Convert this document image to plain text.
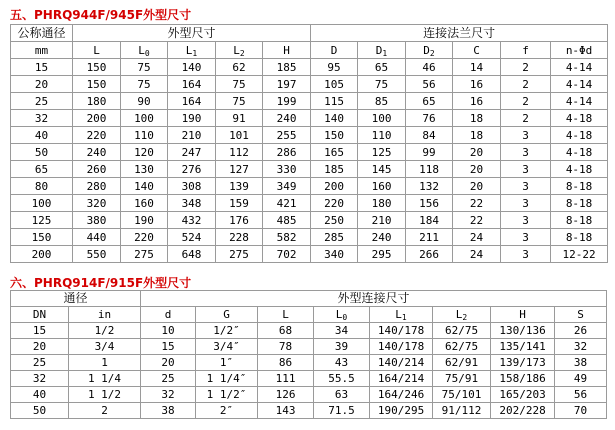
五、PHRQ944F/945F外型尺寸
公称通径	外型尺寸					连接法兰尺寸					
mm	L	$L_0$	$L_1$	$L_2$	H	D	$D_1$	$D_2$	C	f	n-Φd
15	150	75	140	62	185	95	65	46	14	2	4-14
20	150	75	164	75	197	105	75	56	16	2	4-14
25	180	90	164	75	199	115	85	65	16	2	4-14
32	200	100	190	91	240	140	100	76	18	2	4-18
40	220	110	210	101	255	150	110	84	18	3	4-18
50	240	120	247	112	286	165	125	99	20	3	4-18
65	260	130	276	127	330	185	145	118	20	3	4-18
80	280	140	308	139	349	200	160	132	20	3	8-18
100	320	160	348	159	421	220	180	156	22	3	8-18
125	380	190	432	176	485	250	210	184	22	3	8-18
150	440	220	524	228	582	285	240	211	24	3	8-18
200	550	275	648	275	702	340	295	266	24	3	12-22
六、PHRQ914F/915F外型尺寸
通径		外型连接尺寸							
DN	in	d	G	L	$L_0$	$L_1$	$L_2$	H	S
15	1/2	10	1/2″	68	34	140/178	62/75	130/136	26
20	3/4	15	3/4″	78	39	140/178	62/75	135/141	32
25	1	20	1″	86	43	140/214	62/91	139/173	38
32	1 1/4	25	1 1/4″	111	55.5	164/214	75/91	158/186	49
40	1 1/2	32	1 1/2″	126	63	164/246	75/101	165/203	56
50	2	38	2″	143	71.5	190/295	91/112	202/228	70
